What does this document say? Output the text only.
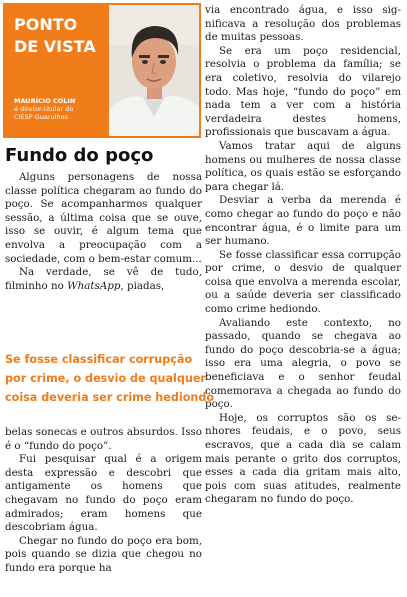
PONTO
DE VISTA
MAURÍCIO COLIN
é diretor-titular do
CIESP Guarulhos
Fundo do poço

Alguns personagens de nossa classe política chegaram ao fundo do poço. Se acompanharmos qualquer sessão, a última coisa que se ouve, isso se ouvir, é algum tema que envolva a preocupação com a sociedade, com o bem-estar comum...

Na verdade, se vê de tudo, filminho no WhatsApp, piadas,

Se fosse classificar corrupção
por crime, o desvio de qualquer
coisa deveria ser crime hediondo

belas sonecas e outros absurdos. Isso é o “fundo do poço”.

Fui pesquisar qual é a origem desta expressão e descobri que antigamente os homens que chegavam no fundo do poço eram admirados; eram homens que descobriam água.

Chegar no fundo do poço era bom, pois quando se dizia que chegou no fundo era porque ha

via encontrado água, e isso significava a resolução dos problemas de muitas pessoas.

Se era um poço residencial, resolvia o problema da família; se era coletivo, resolvia do vilarejo todo. Mas hoje, “fundo do poço” em nada tem a ver com a história verdadeira destes homens, profissionais que buscavam a água.

Vamos tratar aqui de alguns homens ou mulheres de nossa classe política, os quais estão se esforçando para chegar lá.

Desviar a verba da merenda é como chegar ao fundo do poço e não encontrar água, é o limite para um ser humano.

Se fosse classificar essa corrupção por crime, o desvio de qualquer coisa que envolva a merenda escolar, ou a saúde deveria ser classificado como crime hediondo.

Avaliando este contexto, no passado, quando se chegava ao fundo do poço descobria-se a água; isso era uma alegria, o povo se beneficiava e o senhor feudal comemorava a chegada ao fundo do poço.

Hoje, os corruptos são os senhores feudais, e o povo, seus escravos, que a cada dia se calam mais perante o grito dos corruptos, esses a cada dia gritam mais alto, pois com suas atitudes, realmente chegaram no fundo do poço.
